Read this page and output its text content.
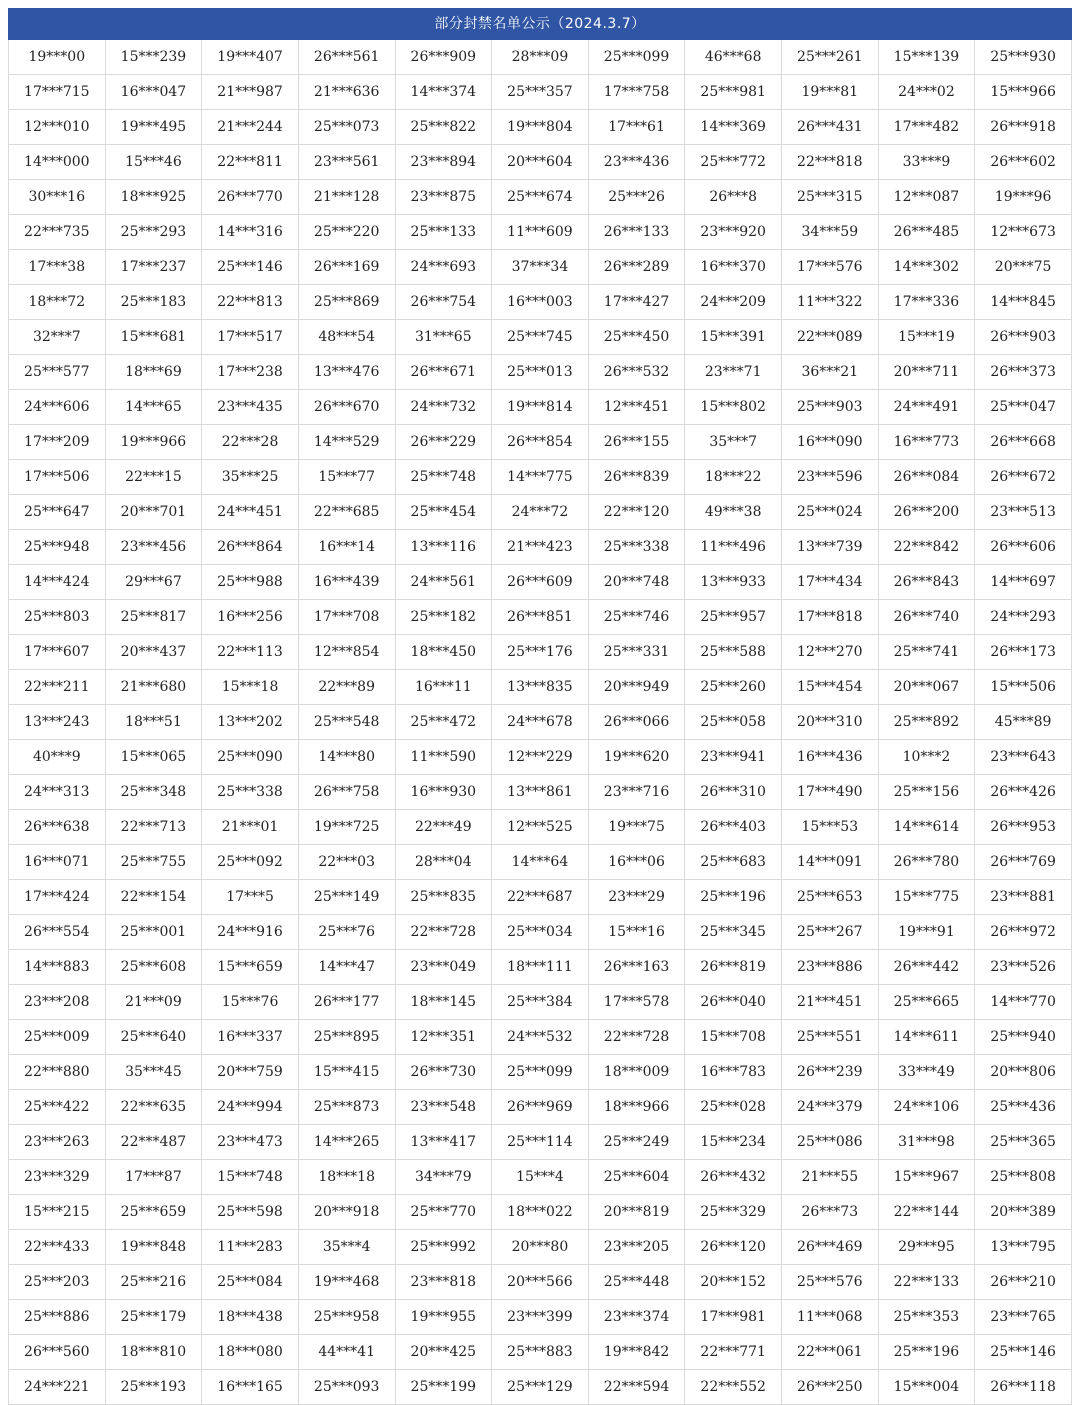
部分封禁名单公示（2024.3.7）
19***00	15***239	19***407	26***561	26***909	28***09	25***099	46***68	25***261	15***139	25***930
17***715	16***047	21***987	21***636	14***374	25***357	17***758	25***981	19***81	24***02	15***966
12***010	19***495	21***244	25***073	25***822	19***804	17***61	14***369	26***431	17***482	26***918
14***000	15***46	22***811	23***561	23***894	20***604	23***436	25***772	22***818	33***9	26***602
30***16	18***925	26***770	21***128	23***875	25***674	25***26	26***8	25***315	12***087	19***96
22***735	25***293	14***316	25***220	25***133	11***609	26***133	23***920	34***59	26***485	12***673
17***38	17***237	25***146	26***169	24***693	37***34	26***289	16***370	17***576	14***302	20***75
18***72	25***183	22***813	25***869	26***754	16***003	17***427	24***209	11***322	17***336	14***845
32***7	15***681	17***517	48***54	31***65	25***745	25***450	15***391	22***089	15***19	26***903
25***577	18***69	17***238	13***476	26***671	25***013	26***532	23***71	36***21	20***711	26***373
24***606	14***65	23***435	26***670	24***732	19***814	12***451	15***802	25***903	24***491	25***047
17***209	19***966	22***28	14***529	26***229	26***854	26***155	35***7	16***090	16***773	26***668
17***506	22***15	35***25	15***77	25***748	14***775	26***839	18***22	23***596	26***084	26***672
25***647	20***701	24***451	22***685	25***454	24***72	22***120	49***38	25***024	26***200	23***513
25***948	23***456	26***864	16***14	13***116	21***423	25***338	11***496	13***739	22***842	26***606
14***424	29***67	25***988	16***439	24***561	26***609	20***748	13***933	17***434	26***843	14***697
25***803	25***817	16***256	17***708	25***182	26***851	25***746	25***957	17***818	26***740	24***293
17***607	20***437	22***113	12***854	18***450	25***176	25***331	25***588	12***270	25***741	26***173
22***211	21***680	15***18	22***89	16***11	13***835	20***949	25***260	15***454	20***067	15***506
13***243	18***51	13***202	25***548	25***472	24***678	26***066	25***058	20***310	25***892	45***89
40***9	15***065	25***090	14***80	11***590	12***229	19***620	23***941	16***436	10***2	23***643
24***313	25***348	25***338	26***758	16***930	13***861	23***716	26***310	17***490	25***156	26***426
26***638	22***713	21***01	19***725	22***49	12***525	19***75	26***403	15***53	14***614	26***953
16***071	25***755	25***092	22***03	28***04	14***64	16***06	25***683	14***091	26***780	26***769
17***424	22***154	17***5	25***149	25***835	22***687	23***29	25***196	25***653	15***775	23***881
26***554	25***001	24***916	25***76	22***728	25***034	15***16	25***345	25***267	19***91	26***972
14***883	25***608	15***659	14***47	23***049	18***111	26***163	26***819	23***886	26***442	23***526
23***208	21***09	15***76	26***177	18***145	25***384	17***578	26***040	21***451	25***665	14***770
25***009	25***640	16***337	25***895	12***351	24***532	22***728	15***708	25***551	14***611	25***940
22***880	35***45	20***759	15***415	26***730	25***099	18***009	16***783	26***239	33***49	20***806
25***422	22***635	24***994	25***873	23***548	26***969	18***966	25***028	24***379	24***106	25***436
23***263	22***487	23***473	14***265	13***417	25***114	25***249	15***234	25***086	31***98	25***365
23***329	17***87	15***748	18***18	34***79	15***4	25***604	26***432	21***55	15***967	25***808
15***215	25***659	25***598	20***918	25***770	18***022	20***819	25***329	26***73	22***144	20***389
22***433	19***848	11***283	35***4	25***992	20***80	23***205	26***120	26***469	29***95	13***795
25***203	25***216	25***084	19***468	23***818	20***566	25***448	20***152	25***576	22***133	26***210
25***886	25***179	18***438	25***958	19***955	23***399	23***374	17***981	11***068	25***353	23***765
26***560	18***810	18***080	44***41	20***425	25***883	19***842	22***771	22***061	25***196	25***146
24***221	25***193	16***165	25***093	25***199	25***129	22***594	22***552	26***250	15***004	26***118
